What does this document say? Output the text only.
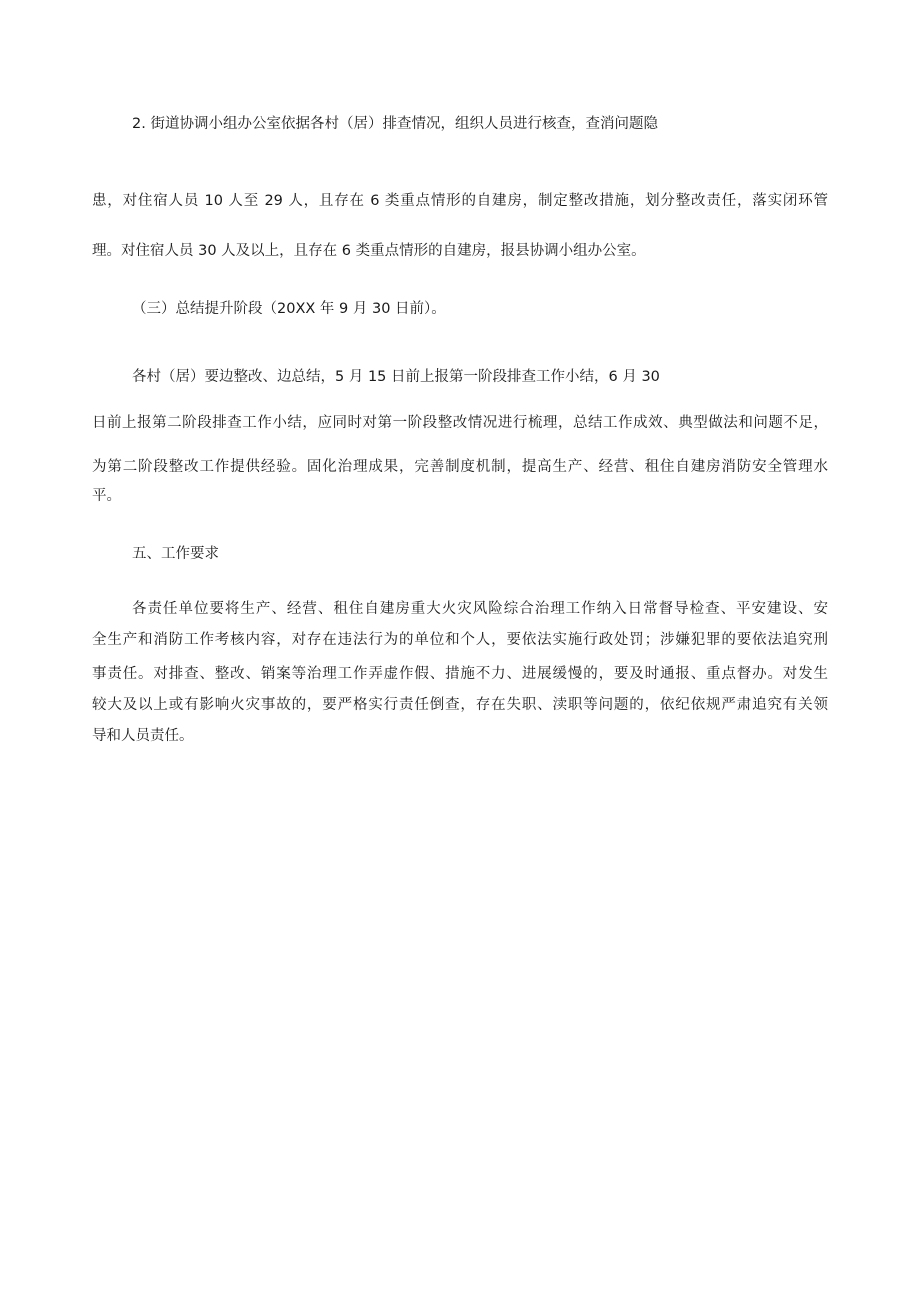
2. 街道协调小组办公室依据各村（居）排查情况，组织人员进行核查，查消问题隐

患，对住宿人员 10 人至 29 人，且存在 6 类重点情形的自建房，制定整改措施，划分整改责任，落实闭环管

理。对住宿人员 30 人及以上，且存在 6 类重点情形的自建房，报县协调小组办公室。

（三）总结提升阶段（20XX 年 9 月 30 日前）。

各村（居）要边整改、边总结，5 月 15 日前上报第一阶段排查工作小结，6 月 30

日前上报第二阶段排查工作小结，应同时对第一阶段整改情况进行梳理，总结工作成效、典型做法和问题不足，

为第二阶段整改工作提供经验。固化治理成果，完善制度机制，提高生产、经营、租住自建房消防安全管理水

平。

五、工作要求

各责任单位要将生产、经营、租住自建房重大火灾风险综合治理工作纳入日常督导检查、平安建设、安

全生产和消防工作考核内容，对存在违法行为的单位和个人，要依法实施行政处罚；涉嫌犯罪的要依法追究刑

事责任。对排查、整改、销案等治理工作弄虚作假、措施不力、进展缓慢的，要及时通报、重点督办。对发生

较大及以上或有影响火灾事故的，要严格实行责任倒查，存在失职、渎职等问题的，依纪依规严肃追究有关领

导和人员责任。
